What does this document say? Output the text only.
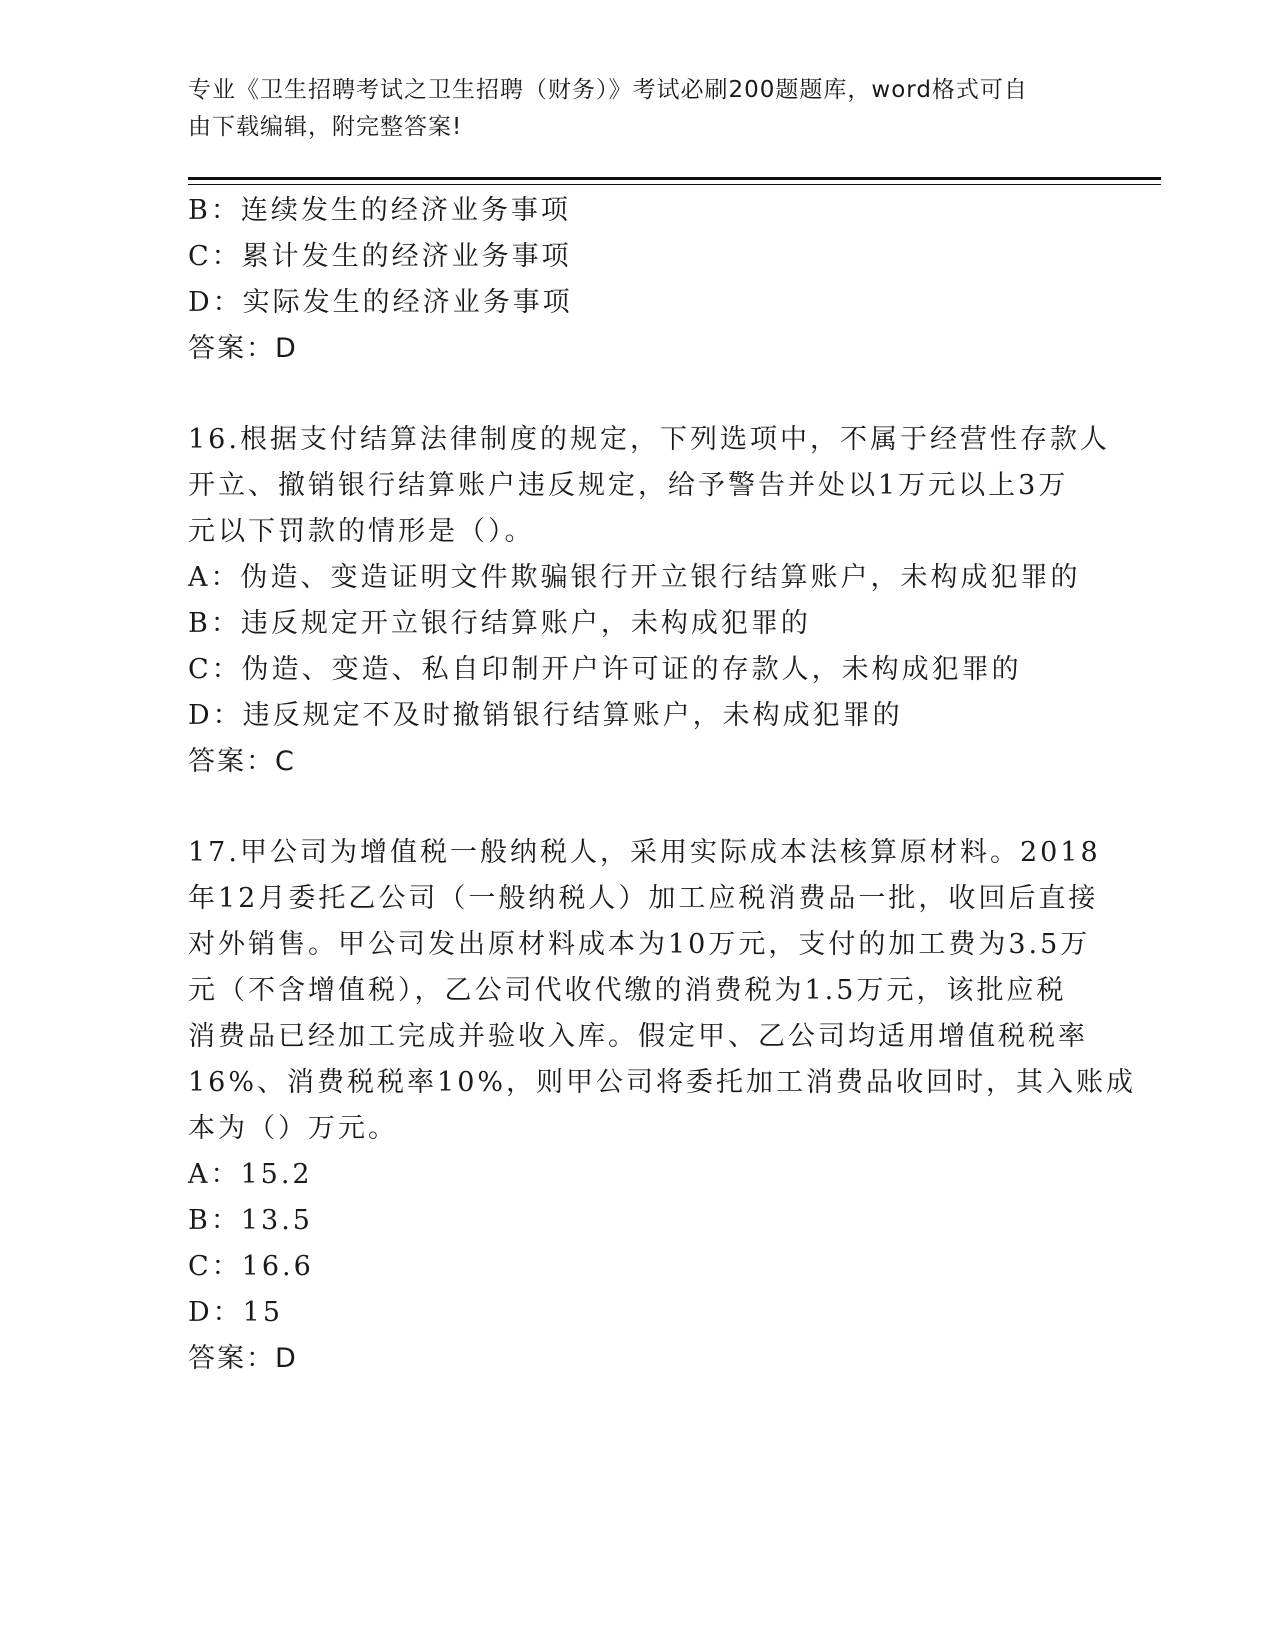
专业《卫生招聘考试之卫生招聘（财务）》考试必刷200题题库，word格式可自
由下载编辑，附完整答案!
B：连续发生的经济业务事项
C：累计发生的经济业务事项
D：实际发生的经济业务事项
答案：D
16.根据支付结算法律制度的规定，下列选项中，不属于经营性存款人
开立、撤销银行结算账户违反规定，给予警告并处以1万元以上3万
元以下罚款的情形是（）。
A：伪造、变造证明文件欺骗银行开立银行结算账户，未构成犯罪的
B：违反规定开立银行结算账户，未构成犯罪的
C：伪造、变造、私自印制开户许可证的存款人，未构成犯罪的
D：违反规定不及时撤销银行结算账户，未构成犯罪的
答案：C
17.甲公司为增值税一般纳税人，采用实际成本法核算原材料。2018
年12月委托乙公司（一般纳税人）加工应税消费品一批，收回后直接
对外销售。甲公司发出原材料成本为10万元，支付的加工费为3.5万
元（不含增值税），乙公司代收代缴的消费税为1.5万元，该批应税
消费品已经加工完成并验收入库。假定甲、乙公司均适用增值税税率
16%、消费税税率10%，则甲公司将委托加工消费品收回时，其入账成
本为（）万元。
A：15.2
B：13.5
C：16.6
D：15
答案：D
